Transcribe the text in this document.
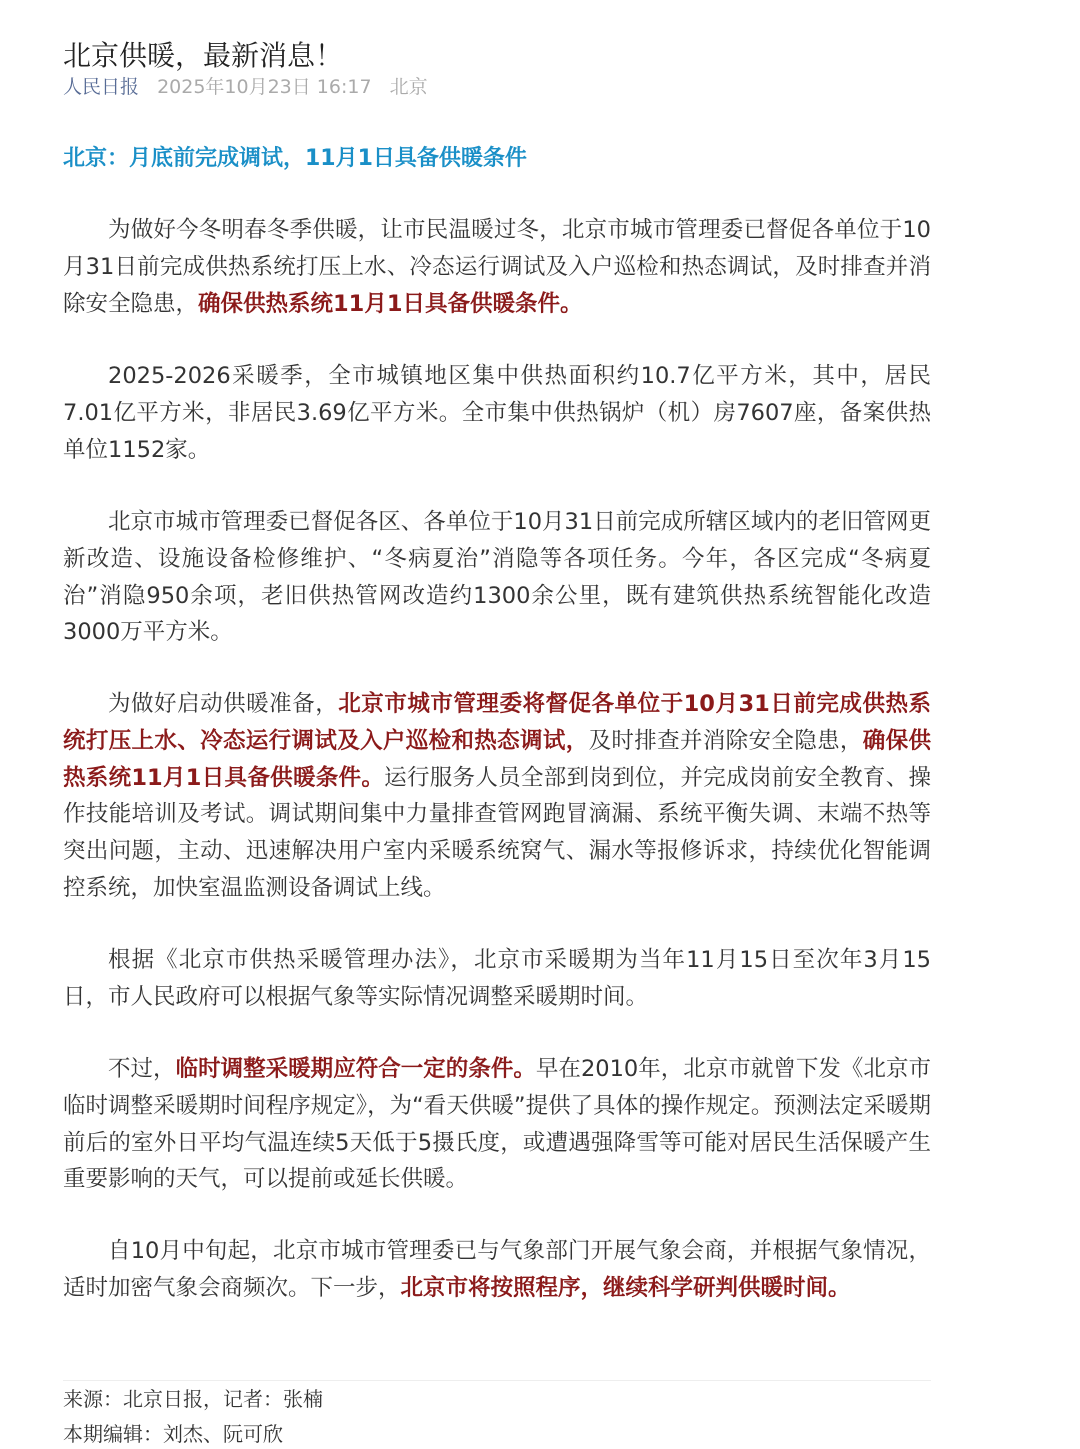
北京供暖，最新消息！
人民日报 2025年10月23日 16:17 北京
北京：月底前完成调试，11月1日具备供暖条件

为做好今冬明春冬季供暖，让市民温暖过冬，北京市城市管理委已督促各单位于10月31日前完成供热系统打压上水、冷态运行调试及入户巡检和热态调试，及时排查并消除安全隐患，确保供热系统11月1日具备供暖条件。

2025-2026采暖季，全市城镇地区集中供热面积约10.7亿平方米，其中，居民7.01亿平方米，非居民3.69亿平方米。全市集中供热锅炉（机）房7607座，备案供热单位1152家。

北京市城市管理委已督促各区、各单位于10月31日前完成所辖区域内的老旧管网更新改造、设施设备检修维护、“冬病夏治”消隐等各项任务。今年，各区完成“冬病夏治”消隐950余项，老旧供热管网改造约1300余公里，既有建筑供热系统智能化改造3000万平方米。

为做好启动供暖准备，北京市城市管理委将督促各单位于10月31日前完成供热系统打压上水、冷态运行调试及入户巡检和热态调试，及时排查并消除安全隐患，确保供热系统11月1日具备供暖条件。运行服务人员全部到岗到位，并完成岗前安全教育、操作技能培训及考试。调试期间集中力量排查管网跑冒滴漏、系统平衡失调、末端不热等突出问题，主动、迅速解决用户室内采暖系统窝气、漏水等报修诉求，持续优化智能调控系统，加快室温监测设备调试上线。

根据《北京市供热采暖管理办法》，北京市采暖期为当年11月15日至次年3月15日，市人民政府可以根据气象等实际情况调整采暖期时间。

不过，临时调整采暖期应符合一定的条件。早在2010年，北京市就曾下发《北京市临时调整采暖期时间程序规定》，为“看天供暖”提供了具体的操作规定。预测法定采暖期前后的室外日平均气温连续5天低于5摄氏度，或遭遇强降雪等可能对居民生活保暖产生重要影响的天气，可以提前或延长供暖。

自10月中旬起，北京市城市管理委已与气象部门开展气象会商，并根据气象情况，适时加密气象会商频次。下一步，北京市将按照程序，继续科学研判供暖时间。

来源：北京日报，记者：张楠
本期编辑：刘杰、阮可欣
